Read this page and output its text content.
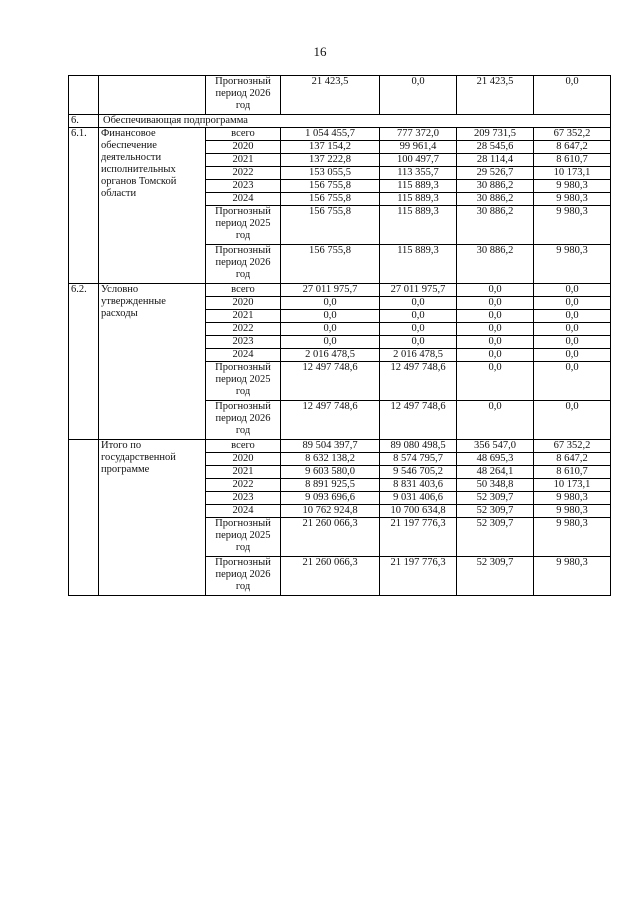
16
		Прогнозный период 2026 год	21 423,5	0,0	21 423,5	0,0
6.	Обеспечивающая подпрограмма					
6.1.	Финансовое обеспечение деятельности исполнительных органов Томской области	всего	1 054 455,7	777 372,0	209 731,5	67 352,2
		2020	137 154,2	99 961,4	28 545,6	8 647,2
		2021	137 222,8	100 497,7	28 114,4	8 610,7
		2022	153 055,5	113 355,7	29 526,7	10 173,1
		2023	156 755,8	115 889,3	30 886,2	9 980,3
		2024	156 755,8	115 889,3	30 886,2	9 980,3
		Прогнозный период 2025 год	156 755,8	115 889,3	30 886,2	9 980,3
		Прогнозный период 2026 год	156 755,8	115 889,3	30 886,2	9 980,3
6.2.	Условно утвержденные расходы	всего	27 011 975,7	27 011 975,7	0,0	0,0
		2020	0,0	0,0	0,0	0,0
		2021	0,0	0,0	0,0	0,0
		2022	0,0	0,0	0,0	0,0
		2023	0,0	0,0	0,0	0,0
		2024	2 016 478,5	2 016 478,5	0,0	0,0
		Прогнозный период 2025 год	12 497 748,6	12 497 748,6	0,0	0,0
		Прогнозный период 2026 год	12 497 748,6	12 497 748,6	0,0	0,0
	Итого по государственной программе	всего	89 504 397,7	89 080 498,5	356 547,0	67 352,2
		2020	8 632 138,2	8 574 795,7	48 695,3	8 647,2
		2021	9 603 580,0	9 546 705,2	48 264,1	8 610,7
		2022	8 891 925,5	8 831 403,6	50 348,8	10 173,1
		2023	9 093 696,6	9 031 406,6	52 309,7	9 980,3
		2024	10 762 924,8	10 700 634,8	52 309,7	9 980,3
		Прогнозный период 2025 год	21 260 066,3	21 197 776,3	52 309,7	9 980,3
		Прогнозный период 2026 год	21 260 066,3	21 197 776,3	52 309,7	9 980,3
